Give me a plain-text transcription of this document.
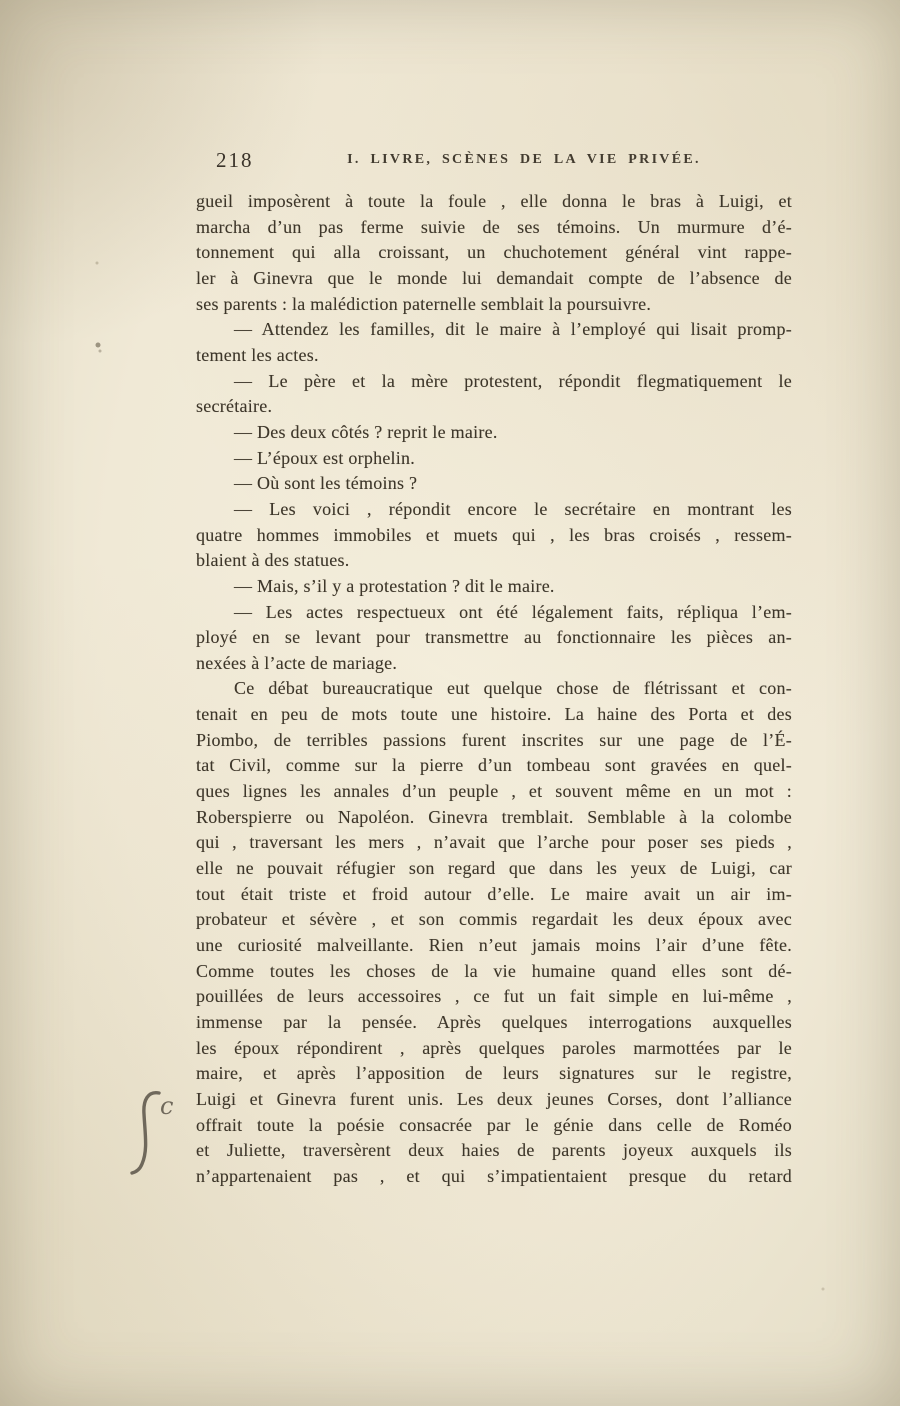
218	I. LIVRE, SCÈNES DE LA VIE PRIVÉE.

gueil imposèrent à toute la foule , elle donna le bras à Luigi, et
marcha d’un pas ferme suivie de ses témoins. Un murmure d’é-
tonnement qui alla croissant, un chuchotement général vint rappe-
ler à Ginevra que le monde lui demandait compte de l’absence de
ses parents : la malédiction paternelle semblait la poursuivre.

— Attendez les familles, dit le maire à l’employé qui lisait promp-
tement les actes.

— Le père et la mère protestent, répondit flegmatiquement le
secrétaire.

— Des deux côtés ? reprit le maire.

— L’époux est orphelin.

— Où sont les témoins ?

— Les voici , répondit encore le secrétaire en montrant les
quatre hommes immobiles et muets qui , les bras croisés , ressem-
blaient à des statues.

— Mais, s’il y a protestation ? dit le maire.

— Les actes respectueux ont été légalement faits, répliqua l’em-
ployé en se levant pour transmettre au fonctionnaire les pièces an-
nexées à l’acte de mariage.

Ce débat bureaucratique eut quelque chose de flétrissant et con-
tenait en peu de mots toute une histoire. La haine des Porta et des
Piombo, de terribles passions furent inscrites sur une page de l’É-
tat Civil, comme sur la pierre d’un tombeau sont gravées en quel-
ques lignes les annales d’un peuple , et souvent même en un mot :
Roberspierre ou Napoléon. Ginevra tremblait. Semblable à la colombe
qui , traversant les mers , n’avait que l’arche pour poser ses pieds ,
elle ne pouvait réfugier son regard que dans les yeux de Luigi, car
tout était triste et froid autour d’elle. Le maire avait un air im-
probateur et sévère , et son commis regardait les deux époux avec
une curiosité malveillante. Rien n’eut jamais moins l’air d’une fête.
Comme toutes les choses de la vie humaine quand elles sont dé-
pouillées de leurs accessoires , ce fut un fait simple en lui-même ,
immense par la pensée. Après quelques interrogations auxquelles
les époux répondirent , après quelques paroles marmottées par le
maire, et après l’apposition de leurs signatures sur le registre,
Luigi et Ginevra furent unis. Les deux jeunes Corses, dont l’alliance
offrait toute la poésie consacrée par le génie dans celle de Roméo
et Juliette, traversèrent deux haies de parents joyeux auxquels ils
n’appartenaient pas , et qui s’impatientaient presque du retard

c
